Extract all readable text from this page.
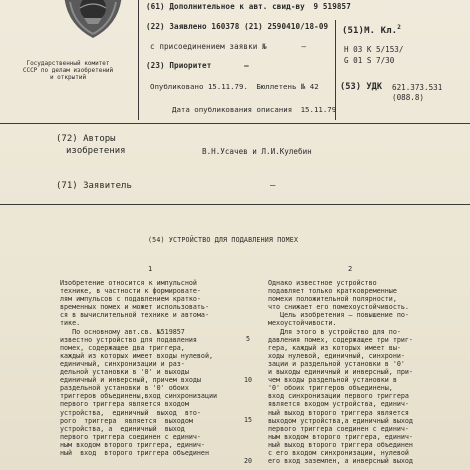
Государственный комитет СССР по делам изобретений и открытий
(61) Дополнительное к авт. свид-ву 9 519857
(22) Заявлено 160378 (21) 2590410/18-09 (51)М. Кл.$^2$
с присоединением заявки №	—	Н 03 К 5/153/
G 01 S 7/30
(23) Приоритет	—
Опубликовано 15.11.79. Бюллетень № 42 (53) УДК 621.373.531
(088.8)
Дата опубликования описания 15.11.79
(72) Авторы
изобретения	В.Н.Усачев и Л.И.Кулебин
(71) Заявитель	—
(54) УСТРОЙСТВО ДЛЯ ПОДАВЛЕНИЯ ПОМЕХ
1	2

Изобретение относится к импульсной

технике, в частности к формировате-

лям импульсов с подавлением кратко-

временных помех и может использовать-

ся в вычислительной технике и автома-

тике.

По основному авт.св. №519857

известно устройство для подавления

помех, содержащее два триггера,

каждый из которых имеет входы нулевой,

единичный, синхронизации и раз-

дельной установки в '0' и выходы

единичный и инверсный, причем входы

раздельной установки в '0' обоих

триггеров объединены,вход синхронизации

первого триггера является входом

устройства,  единичный  выход  вто-

рого  триггера  является  выходом

устройства, а  единичный  выход

первого триггера соединен с единич-

ным входом второго триггера, единич-

ный  вход  второго триггера объединен

5
10
15
20

Однако известное устройство

подавляет только кратковременные

помехи положительной полярности,

что снижает его помехоустойчивость.

Цель изобретения – повышение по-

мехоустойчивости.

Для этого в устройство для по-

давления помех, содержащее три триг-

гера, каждый из которых имеет вы-

ходы нулевой, единичный, синхрони-

зации и раздельной установки в '0'

и выходы единичный и инверсный, при-

чем входы раздельной установки в

'0' обоих триггеров объединены,

вход синхронизации первого триггера

является входом устройства, единич-

ный выход второго триггера является

выходом устройства,а единичный выход

первого триггера соединен с единич-

ным входом второго триггера, единич-

ный выход второго триггера объединен

с его входом синхронизации, нулевой

его вход заземлен, а инверсный выход
